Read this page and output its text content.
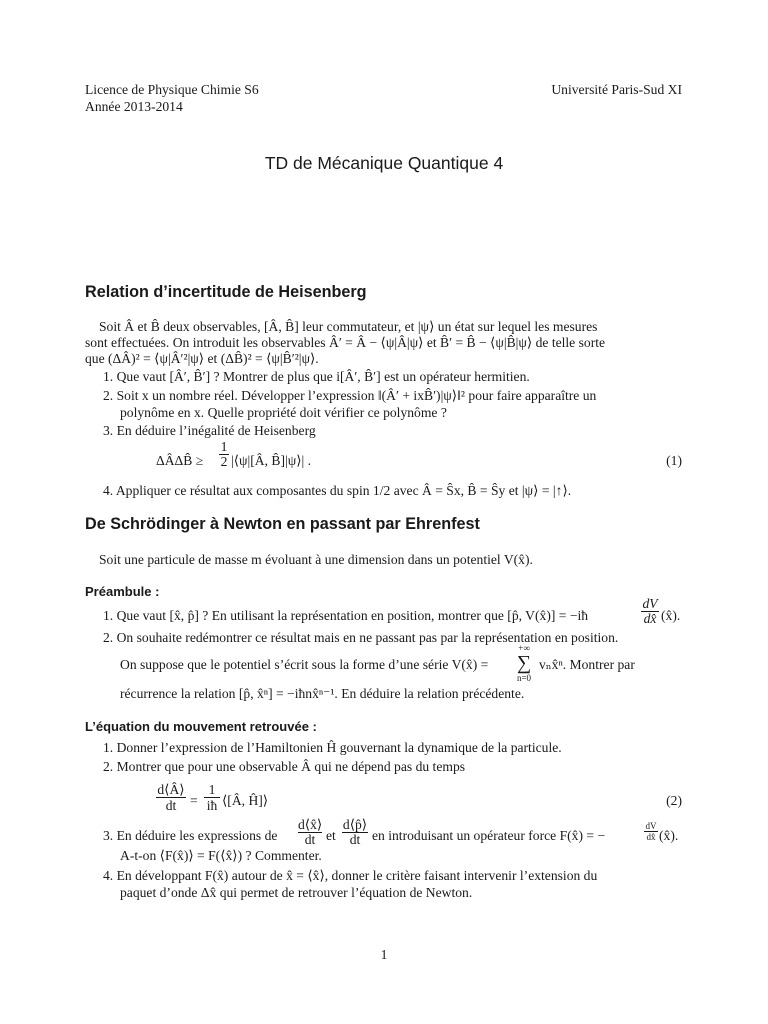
Licence de Physique Chimie S6
Année 2013-2014
Université Paris-Sud XI
TD de Mécanique Quantique 4
Relation d’incertitude de Heisenberg
Soit Â et B̂ deux observables, [Â, B̂] leur commutateur, et |ψ⟩ un état sur lequel les mesures
sont effectuées. On introduit les observables Â′ = Â − ⟨ψ|Â|ψ⟩ et B̂′ = B̂ − ⟨ψ|B̂|ψ⟩ de telle sorte
que (ΔÂ)² = ⟨ψ|Â′²|ψ⟩ et (ΔB̂)² = ⟨ψ|B̂′²|ψ⟩.
1. Que vaut [Â′, B̂′] ? Montrer de plus que i[Â′, B̂′] est un opérateur hermitien.
2. Soit x un nombre réel. Développer l’expression ‖(Â′ + ixB̂′)|ψ⟩‖² pour faire apparaître un
polynôme en x. Quelle propriété doit vérifier ce polynôme ?
3. En déduire l’inégalité de Heisenberg
ΔÂΔB̂ ≥ $\frac{1}{2}$ |⟨ψ|[Â, B̂]|ψ⟩| .	(1)
4. Appliquer ce résultat aux composantes du spin 1/2 avec Â = Ŝx, B̂ = Ŝy et |ψ⟩ = |↑⟩.
De Schrödinger à Newton en passant par Ehrenfest
Soit une particule de masse m évoluant à une dimension dans un potentiel V(x̂).
Préambule :
1. Que vaut [x̂, p̂] ? En utilisant la représentation en position, montrer que [p̂, V(x̂)] = −iħ	$\frac{dV}{dx̂}$ (x̂).
2. On souhaite redémontrer ce résultat mais en ne passant pas par la représentation en position.
On suppose que le potentiel s’écrit sous la forme d’une série V(x̂) =
+∞
∑
n=0
vₙx̂ⁿ. Montrer par
récurrence la relation [p̂, x̂ⁿ] = −iħnx̂ⁿ⁻¹. En déduire la relation précédente.
L’équation du mouvement retrouvée :
1. Donner l’expression de l’Hamiltonien Ĥ gouvernant la dynamique de la particule.
2. Montrer que pour une observable Â qui ne dépend pas du temps
$\frac{d⟨Â⟩}{dt} = \frac{1}{iħ}$ ⟨[Â, Ĥ]⟩	(2)
3. En déduire les expressions de $\frac{d⟨x̂⟩}{dt}$ et $\frac{d⟨p̂⟩}{dt}$ en introduisant un opérateur force F(x̂) = −	$\frac{dV}{dx̂}$ (x̂).
A-t-on ⟨F(x̂)⟩ = F(⟨x̂⟩) ? Commenter.
4. En développant F(x̂) autour de x̂ = ⟨x̂⟩, donner le critère faisant intervenir l’extension du
paquet d’onde Δx̂ qui permet de retrouver l’équation de Newton.
1
